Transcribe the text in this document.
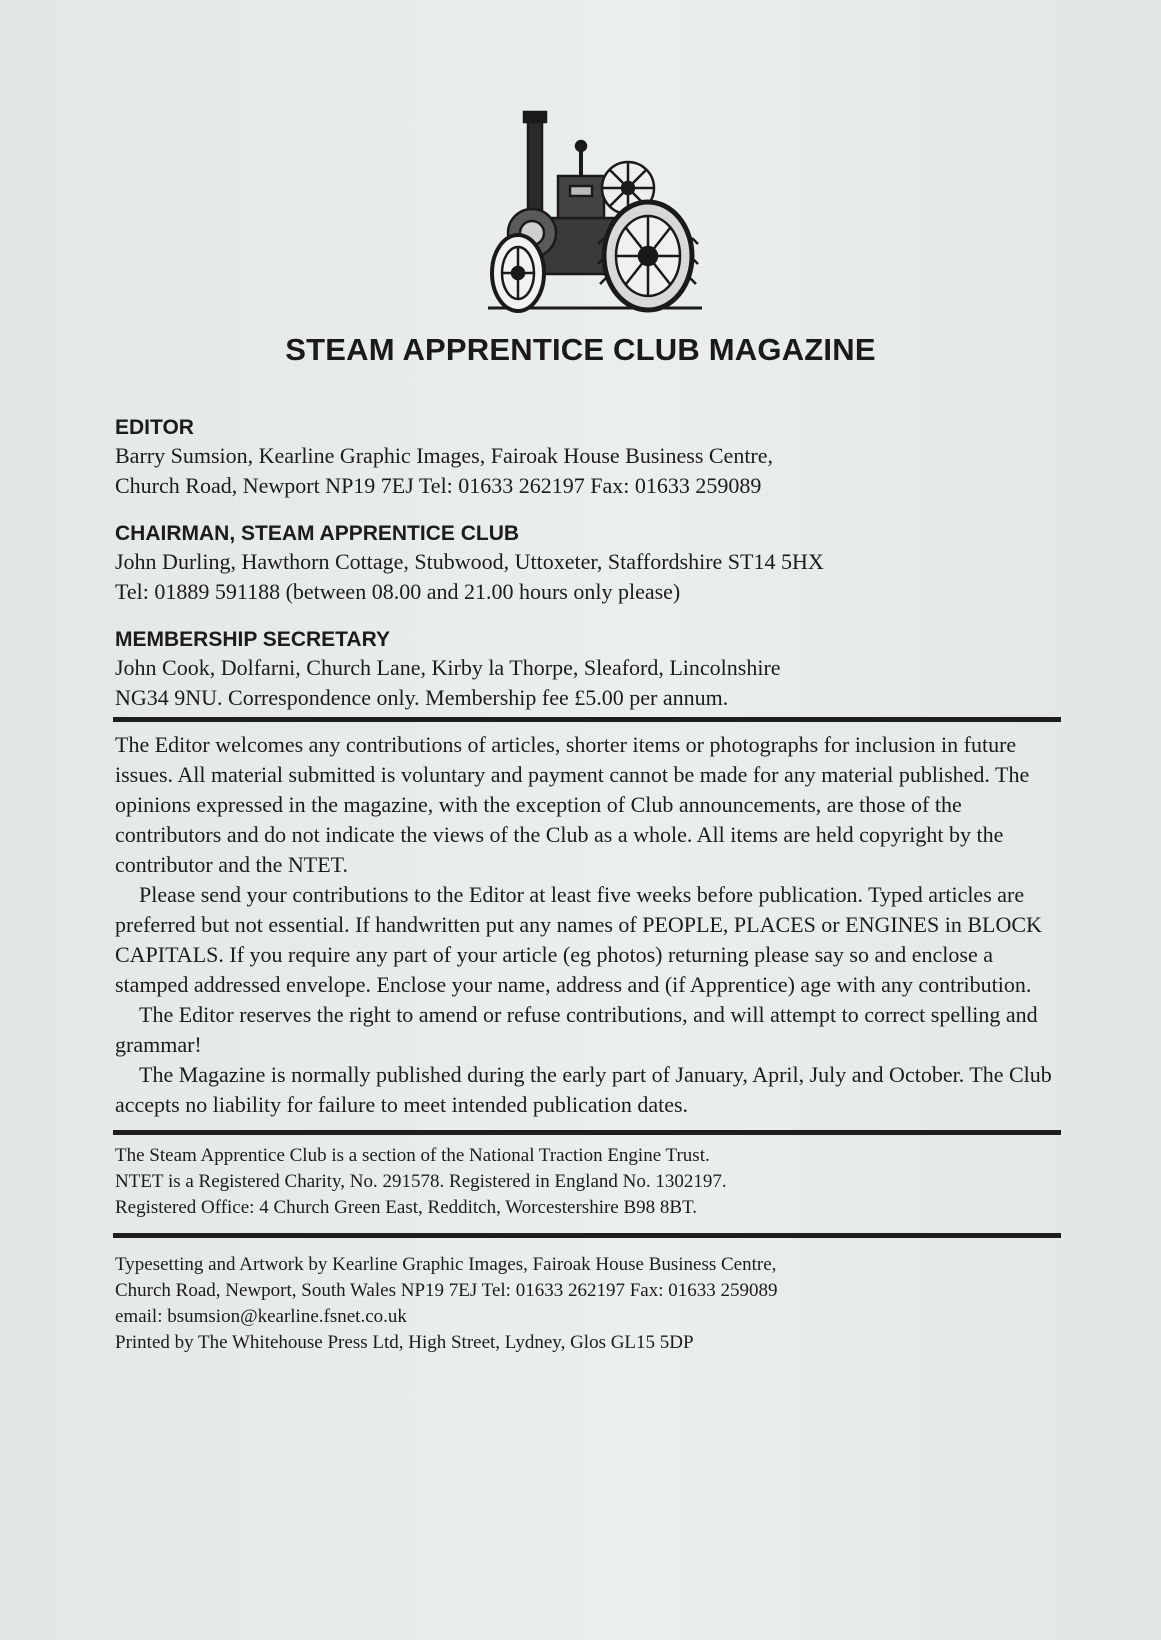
STEAM APPRENTICE CLUB MAGAZINE

EDITOR

Barry Sumsion, Kearline Graphic Images, Fairoak House Business Centre,

Church Road, Newport NP19 7EJ Tel: 01633 262197 Fax: 01633 259089

CHAIRMAN, STEAM APPRENTICE CLUB

John Durling, Hawthorn Cottage, Stubwood, Uttoxeter, Staffordshire ST14 5HX

Tel: 01889 591188 (between 08.00 and 21.00 hours only please)

MEMBERSHIP SECRETARY

John Cook, Dolfarni, Church Lane, Kirby la Thorpe, Sleaford, Lincolnshire

NG34 9NU. Correspondence only. Membership fee £5.00 per annum.

The Editor welcomes any contributions of articles, shorter items or photographs for inclusion in future issues. All material submitted is voluntary and payment cannot be made for any material published. The opinions expressed in the magazine, with the exception of Club announcements, are those of the contributors and do not indicate the views of the Club as a whole. All items are held copyright by the contributor and the NTET.

Please send your contributions to the Editor at least five weeks before publication. Typed articles are preferred but not essential. If handwritten put any names of PEOPLE, PLACES or ENGINES in BLOCK CAPITALS. If you require any part of your article (eg photos) returning please say so and enclose a stamped addressed envelope. Enclose your name, address and (if Apprentice) age with any contribution.

The Editor reserves the right to amend or refuse contributions, and will attempt to correct spelling and grammar!

The Magazine is normally published during the early part of January, April, July and October. The Club accepts no liability for failure to meet intended publication dates.

The Steam Apprentice Club is a section of the National Traction Engine Trust.

NTET is a Registered Charity, No. 291578. Registered in England No. 1302197.

Registered Office: 4 Church Green East, Redditch, Worcestershire B98 8BT.

Typesetting and Artwork by Kearline Graphic Images, Fairoak House Business Centre,

Church Road, Newport, South Wales NP19 7EJ Tel: 01633 262197 Fax: 01633 259089

email: bsumsion@kearline.fsnet.co.uk

Printed by The Whitehouse Press Ltd, High Street, Lydney, Glos GL15 5DP
